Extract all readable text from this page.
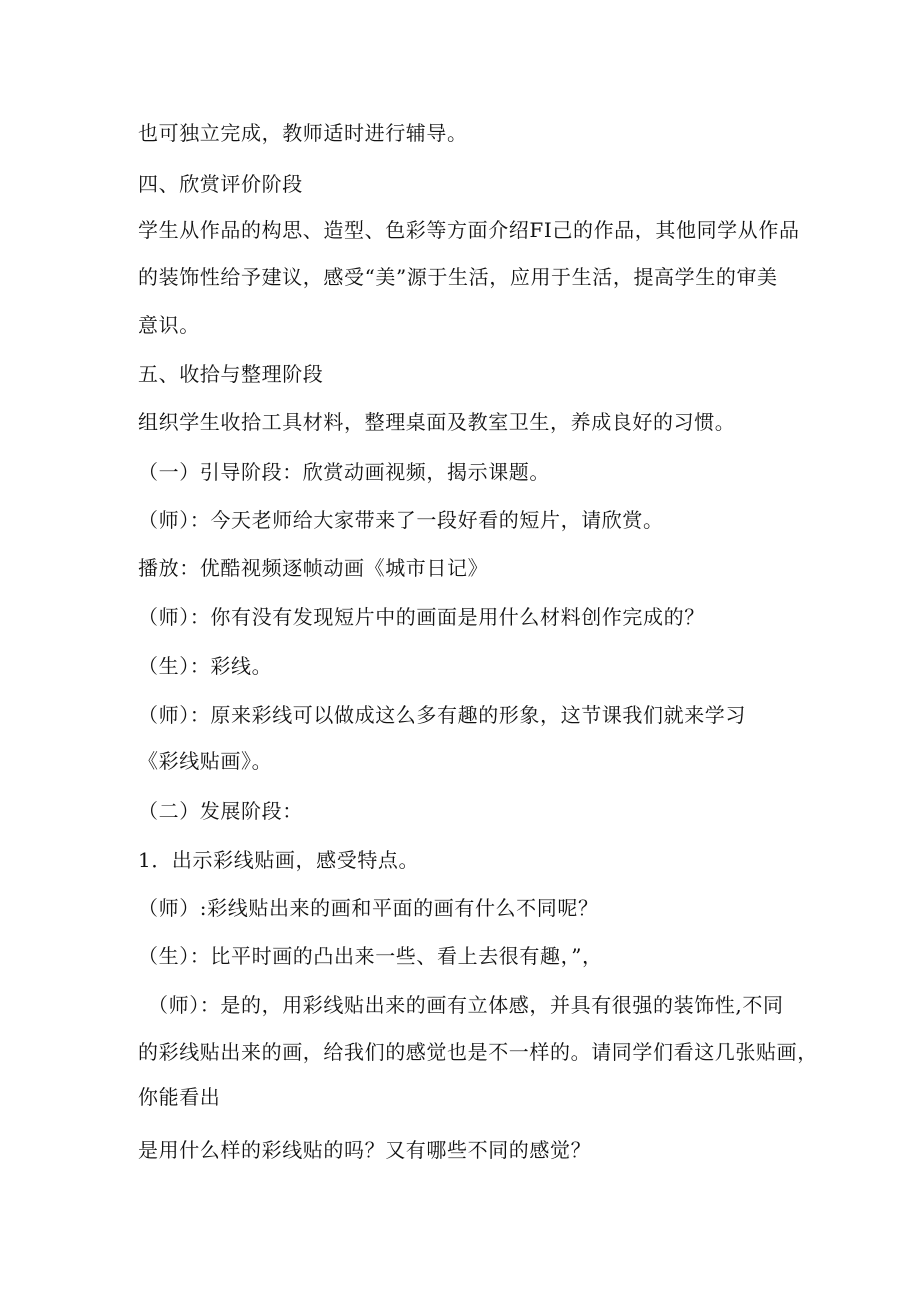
也可独立完成，教师适时进行辅导。
四、欣赏评价阶段
学生从作品的构思、造型、色彩等方面介绍FI己的作品，其他同学从作品
的装饰性给予建议，感受“美”源于生活，应用于生活，提高学生的审美
意识。
五、收拾与整理阶段
组织学生收拾工具材料，整理桌面及教室卫生，养成良好的习惯。
（一）引导阶段：欣赏动画视频，揭示课题。
（师）：今天老师给大家带来了一段好看的短片，请欣赏。
播放：优酷视频逐帧动画《城市日记》
（师）：你有没有发现短片中的画面是用什么材料创作完成的？
（生）：彩线。
（师）：原来彩线可以做成这么多有趣的形象，这节课我们就来学习
《彩线贴画》。
（二）发展阶段：
1．出示彩线贴画，感受特点。
（师）:彩线贴出来的画和平面的画有什么不同呢？
（生）：比平时画的凸出来一些、看上去很有趣，”，
（师）：是的，用彩线贴出来的画有立体感，并具有很强的装饰性,不同
的彩线贴出来的画，给我们的感觉也是不一样的。请同学们看这几张贴画，
你能看出
是用什么样的彩线贴的吗？又有哪些不同的感觉？
